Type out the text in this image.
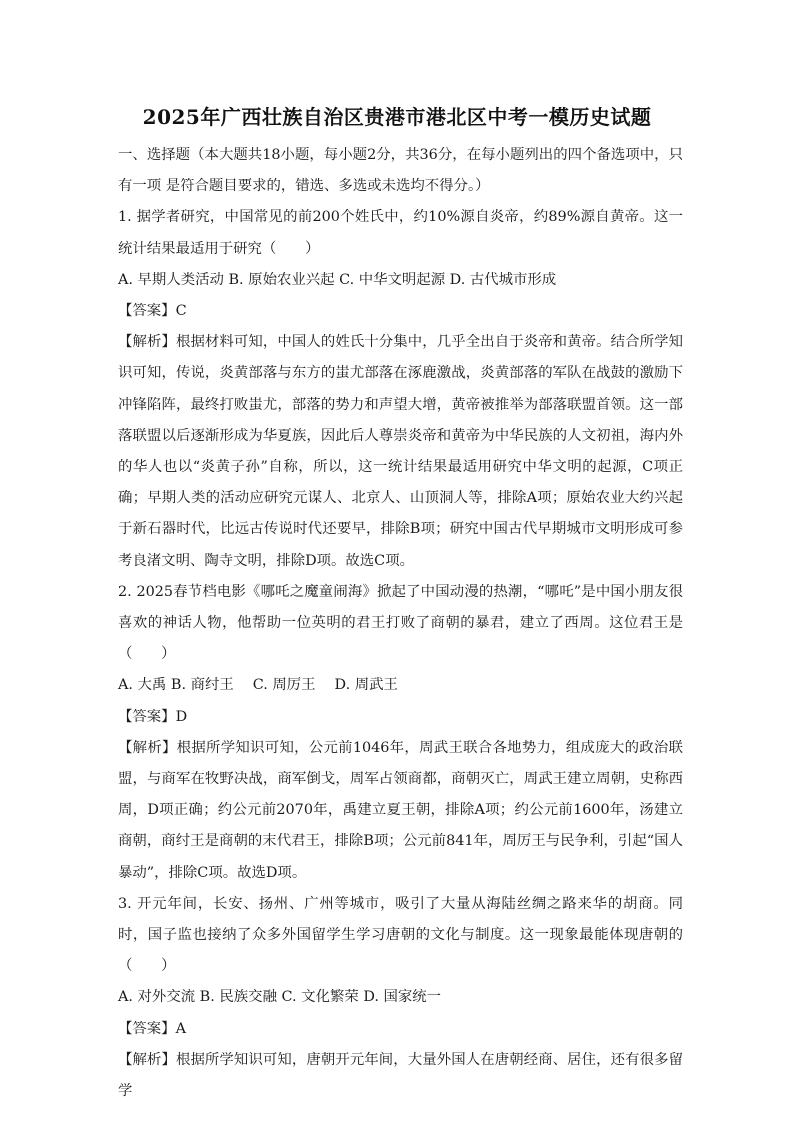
2025年广西壮族自治区贵港市港北区中考一模历史试题

一、选择题（本大题共18小题，每小题2分，共36分，在每小题列出的四个备选项中，只有一项 是符合题目要求的，错选、多选或未选均不得分。）

1. 据学者研究，中国常见的前200个姓氏中，约10%源自炎帝，约89%源自黄帝。这一统计结果最适用于研究（　　）

A. 早期人类活动 B. 原始农业兴起 C. 中华文明起源 D. 古代城市形成

【答案】C

【解析】根据材料可知，中国人的姓氏十分集中，几乎全出自于炎帝和黄帝。结合所学知识可知，传说，炎黄部落与东方的蚩尤部落在涿鹿激战，炎黄部落的军队在战鼓的激励下冲锋陷阵，最终打败蚩尤，部落的势力和声望大增，黄帝被推举为部落联盟首领。这一部落联盟以后逐渐形成为华夏族，因此后人尊崇炎帝和黄帝为中华民族的人文初祖，海内外的华人也以“炎黄子孙”自称，所以，这一统计结果最适用研究中华文明的起源，C项正确；早期人类的活动应研究元谋人、北京人、山顶洞人等，排除A项；原始农业大约兴起于新石器时代，比远古传说时代还要早，排除B项；研究中国古代早期城市文明形成可参考良渚文明、陶寺文明，排除D项。故选C项。

2. 2025春节档电影《哪吒之魔童闹海》掀起了中国动漫的热潮，“哪吒”是中国小朋友很喜欢的神话人物，他帮助一位英明的君王打败了商朝的暴君，建立了西周。这位君王是（　　）

A. 大禹 B. 商纣王　 C. 周厉王　 D. 周武王

【答案】D

【解析】根据所学知识可知，公元前1046年，周武王联合各地势力，组成庞大的政治联盟，与商军在牧野决战，商军倒戈，周军占领商都，商朝灭亡，周武王建立周朝，史称西周，D项正确；约公元前2070年，禹建立夏王朝，排除A项；约公元前1600年，汤建立商朝，商纣王是商朝的末代君王，排除B项；公元前841年，周厉王与民争利，引起“国人暴动”，排除C项。故选D项。

3. 开元年间，长安、扬州、广州等城市，吸引了大量从海陆丝绸之路来华的胡商。同时，国子监也接纳了众多外国留学生学习唐朝的文化与制度。这一现象最能体现唐朝的（　　）

A. 对外交流 B. 民族交融 C. 文化繁荣 D. 国家统一

【答案】A

【解析】根据所学知识可知，唐朝开元年间，大量外国人在唐朝经商、居住，还有很多留学
